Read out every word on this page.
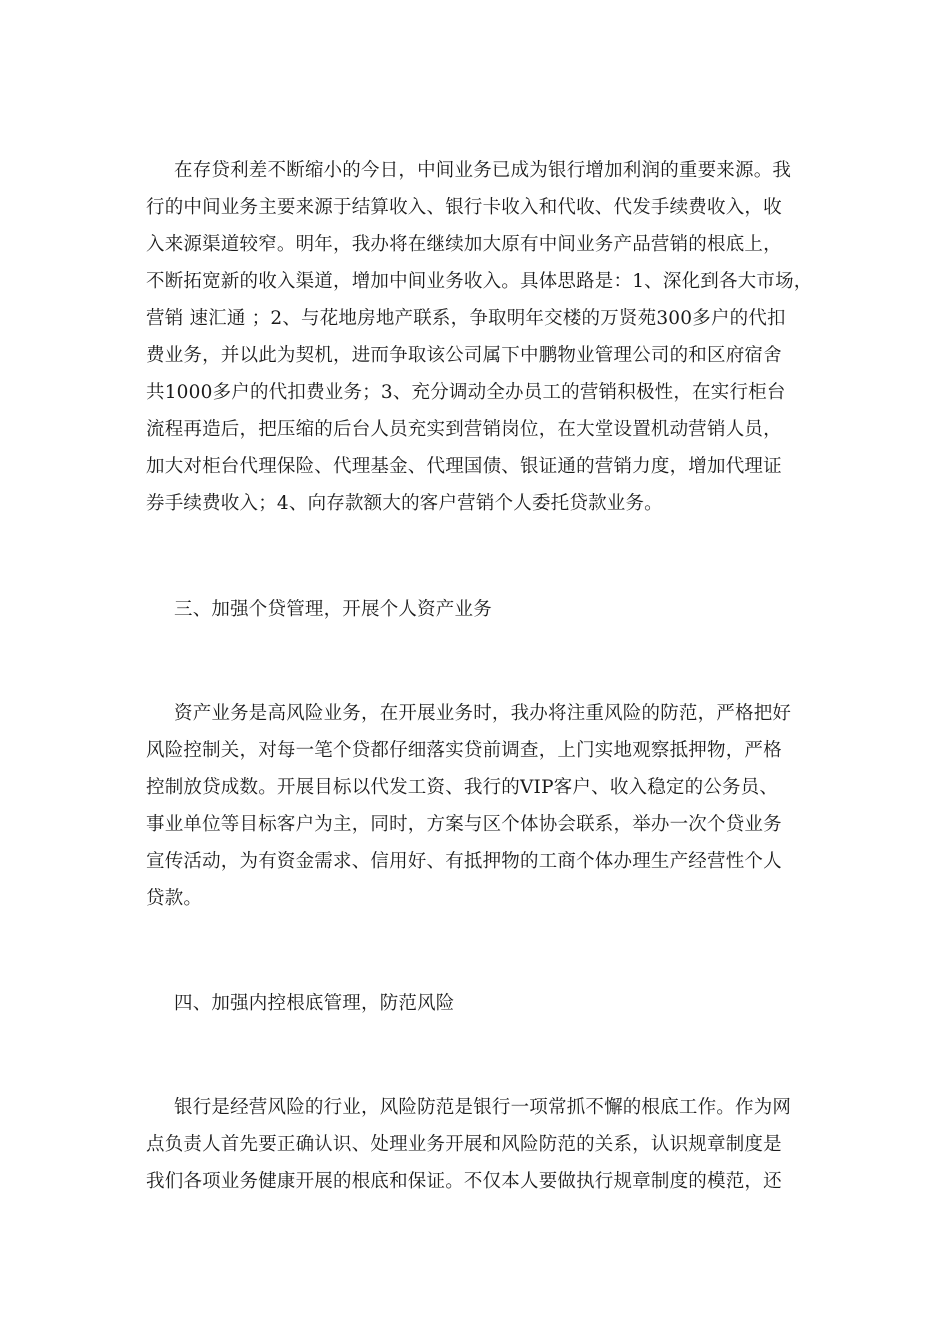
在存贷利差不断缩小的今日，中间业务已成为银行增加利润的重要来源。我
行的中间业务主要来源于结算收入、银行卡收入和代收、代发手续费收入，收
入来源渠道较窄。明年，我办将在继续加大原有中间业务产品营销的根底上，
不断拓宽新的收入渠道，增加中间业务收入。具体思路是：1、深化到各大市场，
营销 速汇通 ；2、与花地房地产联系，争取明年交楼的万贤苑300多户的代扣
费业务，并以此为契机，进而争取该公司属下中鹏物业管理公司的和区府宿舍
共1000多户的代扣费业务；3、充分调动全办员工的营销积极性，在实行柜台
流程再造后，把压缩的后台人员充实到营销岗位，在大堂设置机动营销人员，
加大对柜台代理保险、代理基金、代理国债、银证通的营销力度，增加代理证
券手续费收入；4、向存款额大的客户营销个人委托贷款业务。
三、加强个贷管理，开展个人资产业务
资产业务是高风险业务，在开展业务时，我办将注重风险的防范，严格把好
风险控制关，对每一笔个贷都仔细落实贷前调查，上门实地观察抵押物，严格
控制放贷成数。开展目标以代发工资、我行的VIP客户、收入稳定的公务员、
事业单位等目标客户为主，同时，方案与区个体协会联系，举办一次个贷业务
宣传活动，为有资金需求、信用好、有抵押物的工商个体办理生产经营性个人
贷款。
四、加强内控根底管理，防范风险
银行是经营风险的行业，风险防范是银行一项常抓不懈的根底工作。作为网
点负责人首先要正确认识、处理业务开展和风险防范的关系，认识规章制度是
我们各项业务健康开展的根底和保证。不仅本人要做执行规章制度的模范，还
